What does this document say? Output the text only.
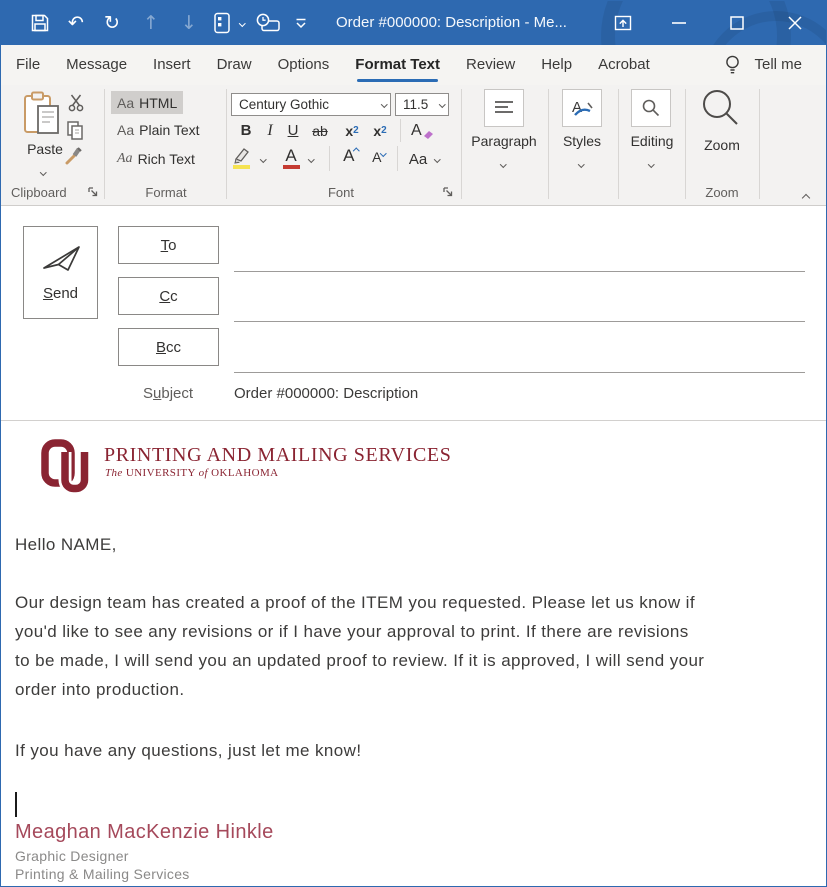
↶ ↻ ↑ ↓	Order #000000: Description - Me...
File Message Insert Draw Options Format Text Review Help Acrobat	Tell me
Paste
Aa HTML
Aa Plain Text
Aa Rich Text
Century Gothic	11.5
B I U ab x 2 x 2 A
A	A A Aa
Paragraph
A
Styles	Editing	Zoom
Clipboard	Format	Font	Zoom
Send
To
Cc
Bcc
Subject	Order #000000: Description
PRINTING AND MAILING SERVICES
The UNIVERSITY of OKLAHOMA
Hello NAME,
Our design team has created a proof of the ITEM you requested. Please let us know if you'd like to see any revisions or if I have your approval to print. If there are revisions to be made, I will send you an updated proof to review. If it is approved, I will send your order into production.
If you have any questions, just let me know!
Meaghan MacKenzie Hinkle
Graphic Designer
Printing & Mailing Services
